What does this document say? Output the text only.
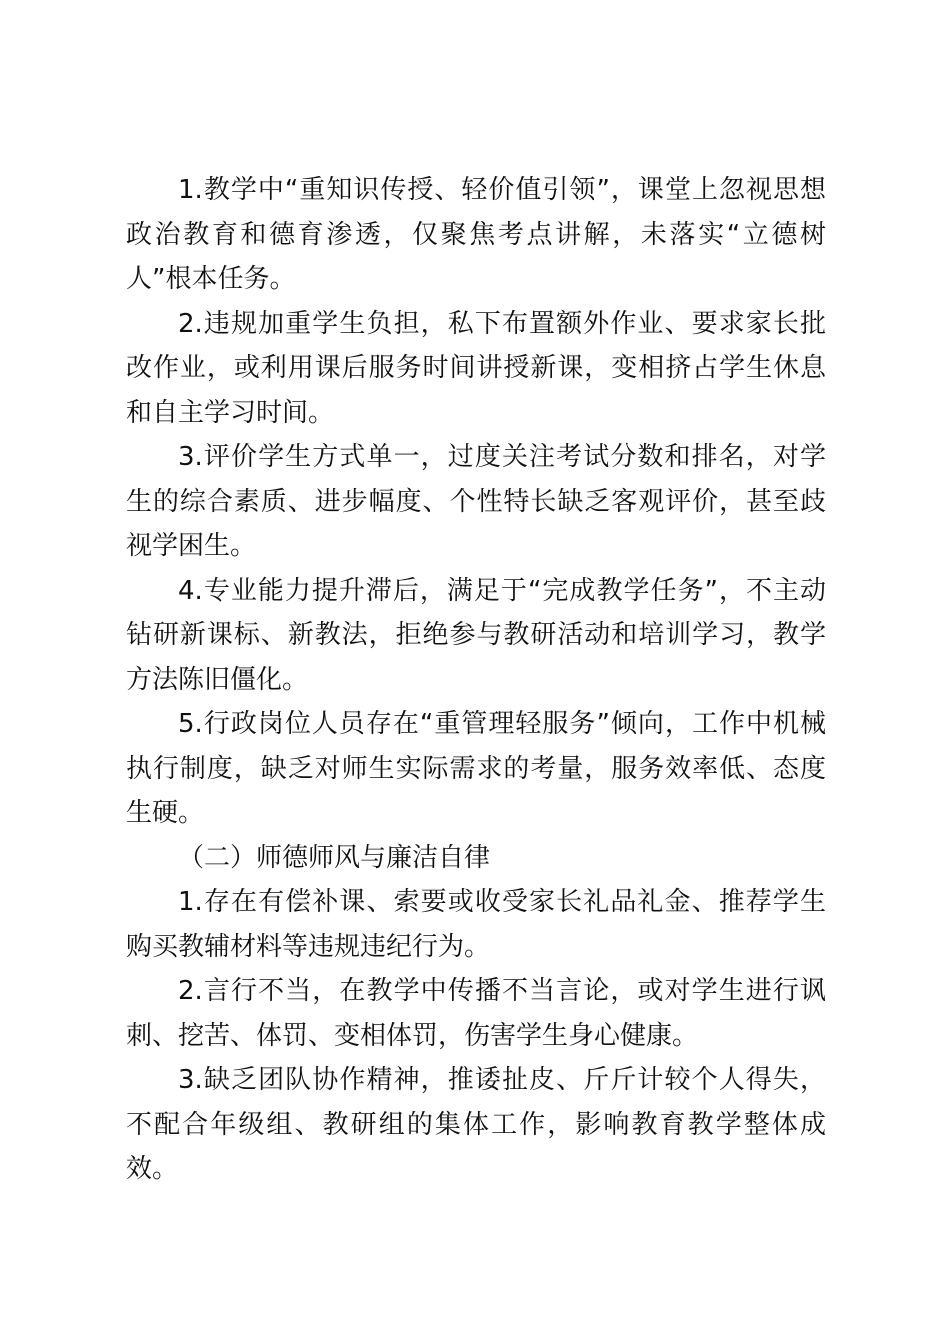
1.教学中“重知识传授、轻价值引领”，课堂上忽视思想政治教育和德育渗透，仅聚焦考点讲解，未落实“立德树人”根本任务。

2.违规加重学生负担，私下布置额外作业、要求家长批改作业，或利用课后服务时间讲授新课，变相挤占学生休息和自主学习时间。

3.评价学生方式单一，过度关注考试分数和排名，对学生的综合素质、进步幅度、个性特长缺乏客观评价，甚至歧视学困生。

4.专业能力提升滞后，满足于“完成教学任务”，不主动钻研新课标、新教法，拒绝参与教研活动和培训学习，教学方法陈旧僵化。

5.行政岗位人员存在“重管理轻服务”倾向，工作中机械执行制度，缺乏对师生实际需求的考量，服务效率低、态度生硬。

（二）师德师风与廉洁自律

1.存在有偿补课、索要或收受家长礼品礼金、推荐学生购买教辅材料等违规违纪行为。

2.言行不当，在教学中传播不当言论，或对学生进行讽刺、挖苦、体罚、变相体罚，伤害学生身心健康。

3.缺乏团队协作精神，推诿扯皮、斤斤计较个人得失，不配合年级组、教研组的集体工作，影响教育教学整体成效。
